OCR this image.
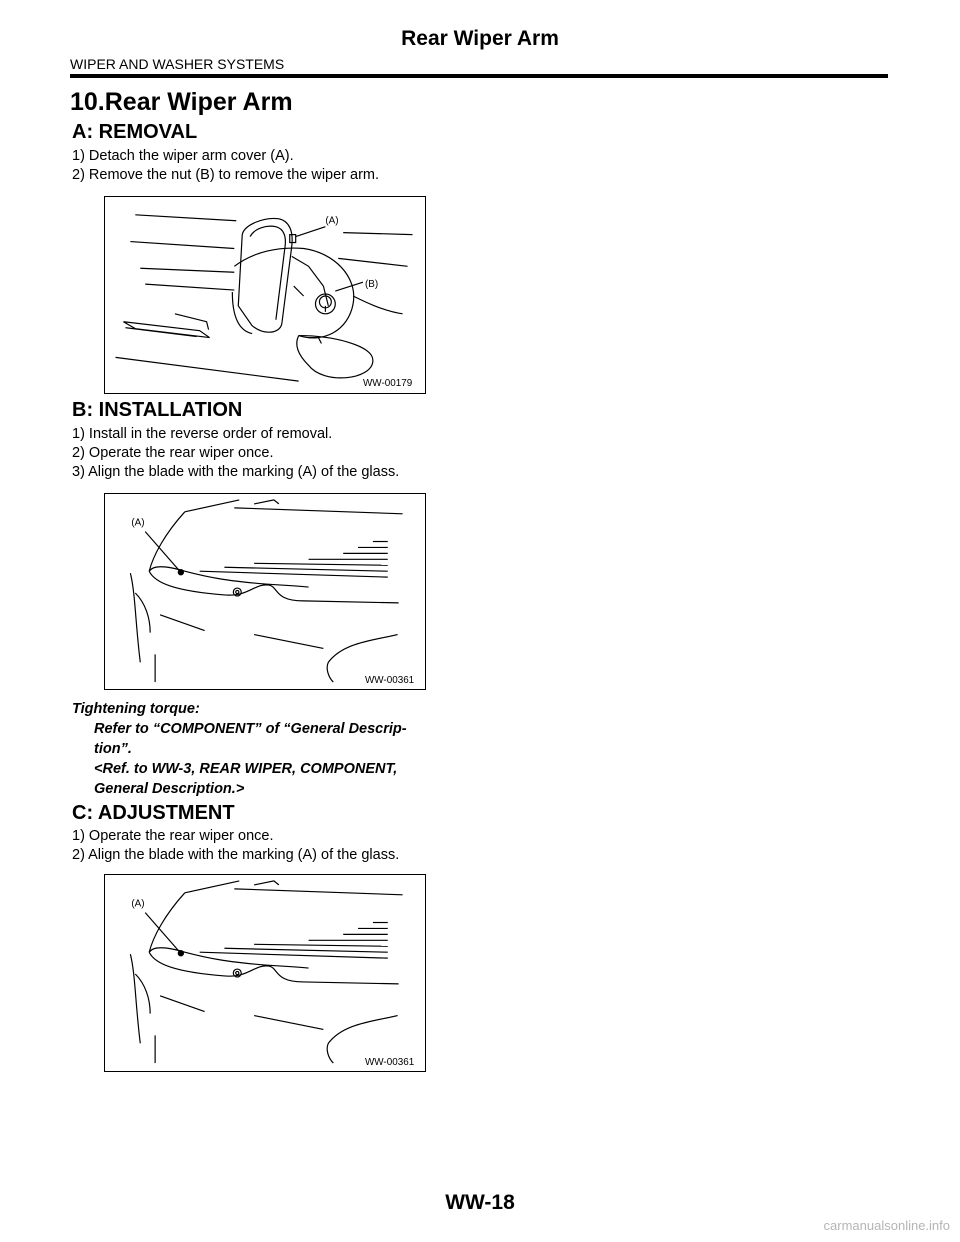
Rear Wiper Arm
WIPER AND WASHER SYSTEMS
10.Rear Wiper Arm
A: REMOVAL
1) Detach the wiper arm cover (A).
2) Remove the nut (B) to remove the wiper arm.
(A)
(B)
WW-00179
B: INSTALLATION
1) Install in the reverse order of removal.
2) Operate the rear wiper once.
3) Align the blade with the marking (A) of the glass.
(A)
WW-00361
Tightening torque:
Refer to “COMPONENT” of “General Descrip-
tion”.
<Ref. to WW-3, REAR WIPER, COMPONENT,
General Description.>
C: ADJUSTMENT
1) Operate the rear wiper once.
2) Align the blade with the marking (A) of the glass.
(A)
WW-00361
WW-18
carmanualsonline.info
